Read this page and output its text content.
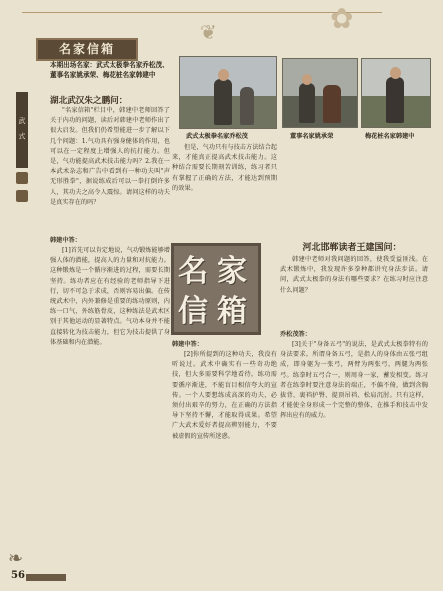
✿
❦
名家信箱
本期出场名家：武式太极拳名家乔松茂、董事名家姚承荣、梅花桩名家韩建中
湖北武汉朱之鹏问：
武 式	武式太极拳名家乔松茂	董事名家姚承荣	梅花桩名家韩建中

"名家信箱"栏目中，韩建中老师回答了关于内功的问题，读后对韩建中老师作出了很大启发。但我们仍希望能进一步了解以下几个问题：1.气功具有强身健体的作用，也可以在一定程度上增强人的抗打能力。但是，气功能提高武术技击能力吗？2.我在一本武术杂志和广告中看到有一种功夫叫"声无形胜拳"，据说练成后可以一拳打倒许多人，其功夫之高令人震惊。请问这样的功夫是真实存在的吗？

韩建中答：

[1]首先可以肯定地说，气功锻炼能够增强人体的潜能，提高人的力量和对抗能力。这种锻炼是一个循序渐进的过程，需要长期坚持。练功者应在有经验的老师指导下进行，切不可急于求成，否则容易出偏。在传统武术中，内外兼修是重要的练功原则，内练一口气，外练筋骨皮，这种练法是武术区别于其他运动的显著特点。气功本身并不能直接转化为技击能力，但它为技击提供了身体基础和内在潜能。

但是，气功只有与技击方法结合起来，才能真正提高武术技击能力。这种结合需要长期刻苦训练，练习者只有掌握了正确的方法，才能达到预期的效果。

名 家
信 箱
韩建中答：

[2]你所提到的这种功夫，我没有听说过。武术中确实有一些奇功绝技，但大多需要科学地看待。练功需要循序渐进，不能盲目相信夸大的宣传。一个人要想练成高深的功夫，必须付出艰辛的努力，在正确的方法指导下坚持不懈，才能取得成果。希望广大武术爱好者提高辨别能力，不要被虚假的宣传所迷惑。

河北邯郸读者王建国问：

韩建中老师对我问题的回答，使我受益匪浅。在武术锻炼中，我发现许多拳种都讲究身法步法。请问，武式太极拳的身法有哪些要求？在练习时应注意什么问题？

乔松茂答：

[3]关于"身备五弓"的说法，是武式太极拳特有的身法要求。所谓身备五弓，是指人的身体由五张弓组成，即身躯为一张弓，两臂为两张弓，两腿为两张弓。练拳时五弓合一，则周身一家，蓄发相变。练习者在练拳时要注意身法的端正，不偏不倚，做到含胸拔背、裹裆护臀、提顶吊裆、松肩沉肘。只有这样，才能使全身形成一个完整的整体，在推手和技击中发挥出应有的威力。

❧
56
